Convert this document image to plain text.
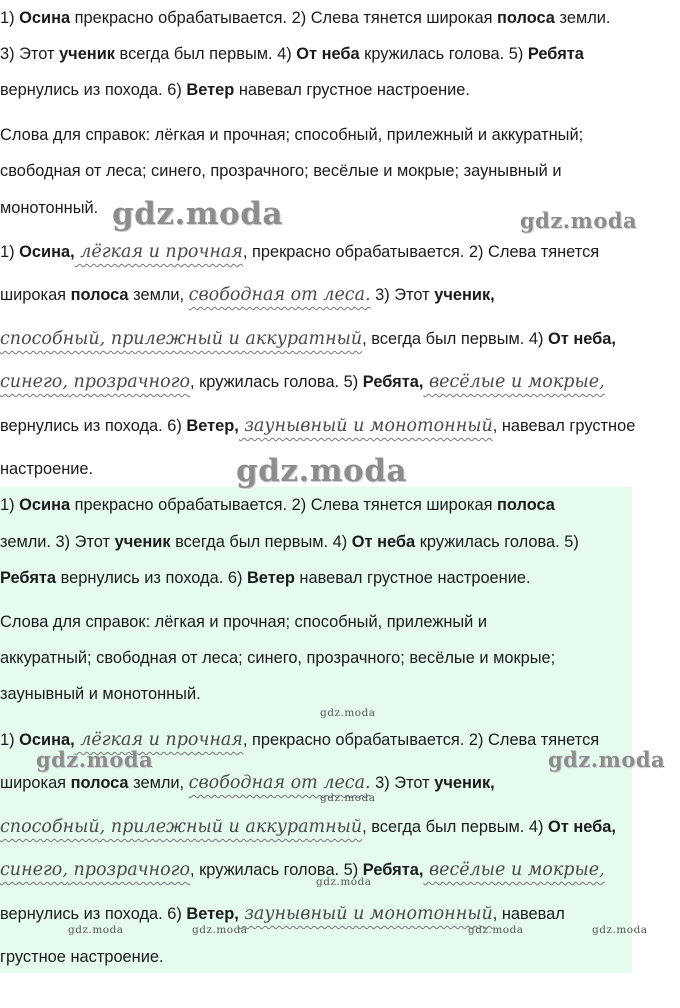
1) Осина прекрасно обрабатывается. 2) Слева тянется широкая полоса земли.
3) Этот ученик всегда был первым. 4) От неба кружилась голова. 5) Ребята
вернулись из похода. 6) Ветер навевал грустное настроение.
Слова для справок: лёгкая и прочная; способный, прилежный и аккуратный;
свободная от леса; синего, прозрачного; весёлые и мокрые; заунывный и
монотонный.
1) Осина, лёгкая и прочная, прекрасно обрабатывается. 2) Слева тянется
широкая полоса земли, свободная от леса. 3) Этот ученик,
способный, прилежный и аккуратный, всегда был первым. 4) От неба,
синего, прозрачного, кружилась голова. 5) Ребята, весёлые и мокрые,
вернулись из похода. 6) Ветер, заунывный и монотонный, навевал грустное
настроение.
1) Осина прекрасно обрабатывается. 2) Слева тянется широкая полоса
земли. 3) Этот ученик всегда был первым. 4) От неба кружилась голова. 5)
Ребята вернулись из похода. 6) Ветер навевал грустное настроение.
Слова для справок: лёгкая и прочная; способный, прилежный и
аккуратный; свободная от леса; синего, прозрачного; весёлые и мокрые;
заунывный и монотонный.
1) Осина, лёгкая и прочная, прекрасно обрабатывается. 2) Слева тянется
широкая полоса земли, свободная от леса. 3) Этот ученик,
способный, прилежный и аккуратный, всегда был первым. 4) От неба,
синего, прозрачного, кружилась голова. 5) Ребята, весёлые и мокрые,
вернулись из похода. 6) Ветер, заунывный и монотонный, навевал
грустное настроение.
gdz.moda	gdz.moda
gdz.moda
gdz.moda	gdz.moda
gdz.moda
gdz.moda
gdz.moda
gdz.moda	gdz.moda	gdz.moda	gdz.moda
